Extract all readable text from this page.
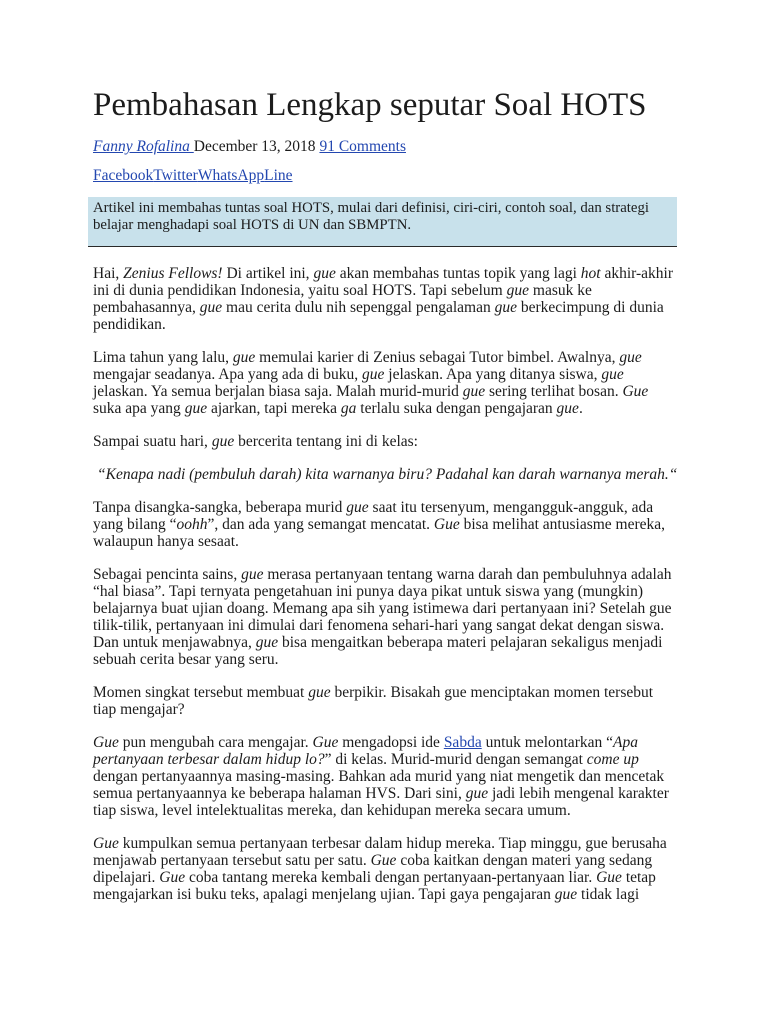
Pembahasan Lengkap seputar Soal HOTS
Fanny Rofalina December 13, 2018 91 Comments
FacebookTwitterWhatsAppLine
Artikel ini membahas tuntas soal HOTS, mulai dari definisi, ciri-ciri, contoh soal, dan strategi
belajar menghadapi soal HOTS di UN dan SBMPTN.
Hai, Zenius Fellows! Di artikel ini, gue akan membahas tuntas topik yang lagi hot akhir-akhir
ini di dunia pendidikan Indonesia, yaitu soal HOTS. Tapi sebelum gue masuk ke
pembahasannya, gue mau cerita dulu nih sepenggal pengalaman gue berkecimpung di dunia
pendidikan.
Lima tahun yang lalu, gue memulai karier di Zenius sebagai Tutor bimbel. Awalnya, gue
mengajar seadanya. Apa yang ada di buku, gue jelaskan. Apa yang ditanya siswa, gue
jelaskan. Ya semua berjalan biasa saja. Malah murid-murid gue sering terlihat bosan. Gue
suka apa yang gue ajarkan, tapi mereka ga terlalu suka dengan pengajaran gue.
Sampai suatu hari, gue bercerita tentang ini di kelas:
“Kenapa nadi (pembuluh darah) kita warnanya biru? Padahal kan darah warnanya merah.“
Tanpa disangka-sangka, beberapa murid gue saat itu tersenyum, mengangguk-angguk, ada
yang bilang “oohh”, dan ada yang semangat mencatat. Gue bisa melihat antusiasme mereka,
walaupun hanya sesaat.
Sebagai pencinta sains, gue merasa pertanyaan tentang warna darah dan pembuluhnya adalah
“hal biasa”. Tapi ternyata pengetahuan ini punya daya pikat untuk siswa yang (mungkin)
belajarnya buat ujian doang. Memang apa sih yang istimewa dari pertanyaan ini? Setelah gue
tilik-tilik, pertanyaan ini dimulai dari fenomena sehari-hari yang sangat dekat dengan siswa.
Dan untuk menjawabnya, gue bisa mengaitkan beberapa materi pelajaran sekaligus menjadi
sebuah cerita besar yang seru.
Momen singkat tersebut membuat gue berpikir. Bisakah gue menciptakan momen tersebut
tiap mengajar?
Gue pun mengubah cara mengajar. Gue mengadopsi ide Sabda untuk melontarkan “Apa
pertanyaan terbesar dalam hidup lo?” di kelas. Murid-murid dengan semangat come up
dengan pertanyaannya masing-masing. Bahkan ada murid yang niat mengetik dan mencetak
semua pertanyaannya ke beberapa halaman HVS. Dari sini, gue jadi lebih mengenal karakter
tiap siswa, level intelektualitas mereka, dan kehidupan mereka secara umum.
Gue kumpulkan semua pertanyaan terbesar dalam hidup mereka. Tiap minggu, gue berusaha
menjawab pertanyaan tersebut satu per satu. Gue coba kaitkan dengan materi yang sedang
dipelajari. Gue coba tantang mereka kembali dengan pertanyaan-pertanyaan liar. Gue tetap
mengajarkan isi buku teks, apalagi menjelang ujian. Tapi gaya pengajaran gue tidak lagi
